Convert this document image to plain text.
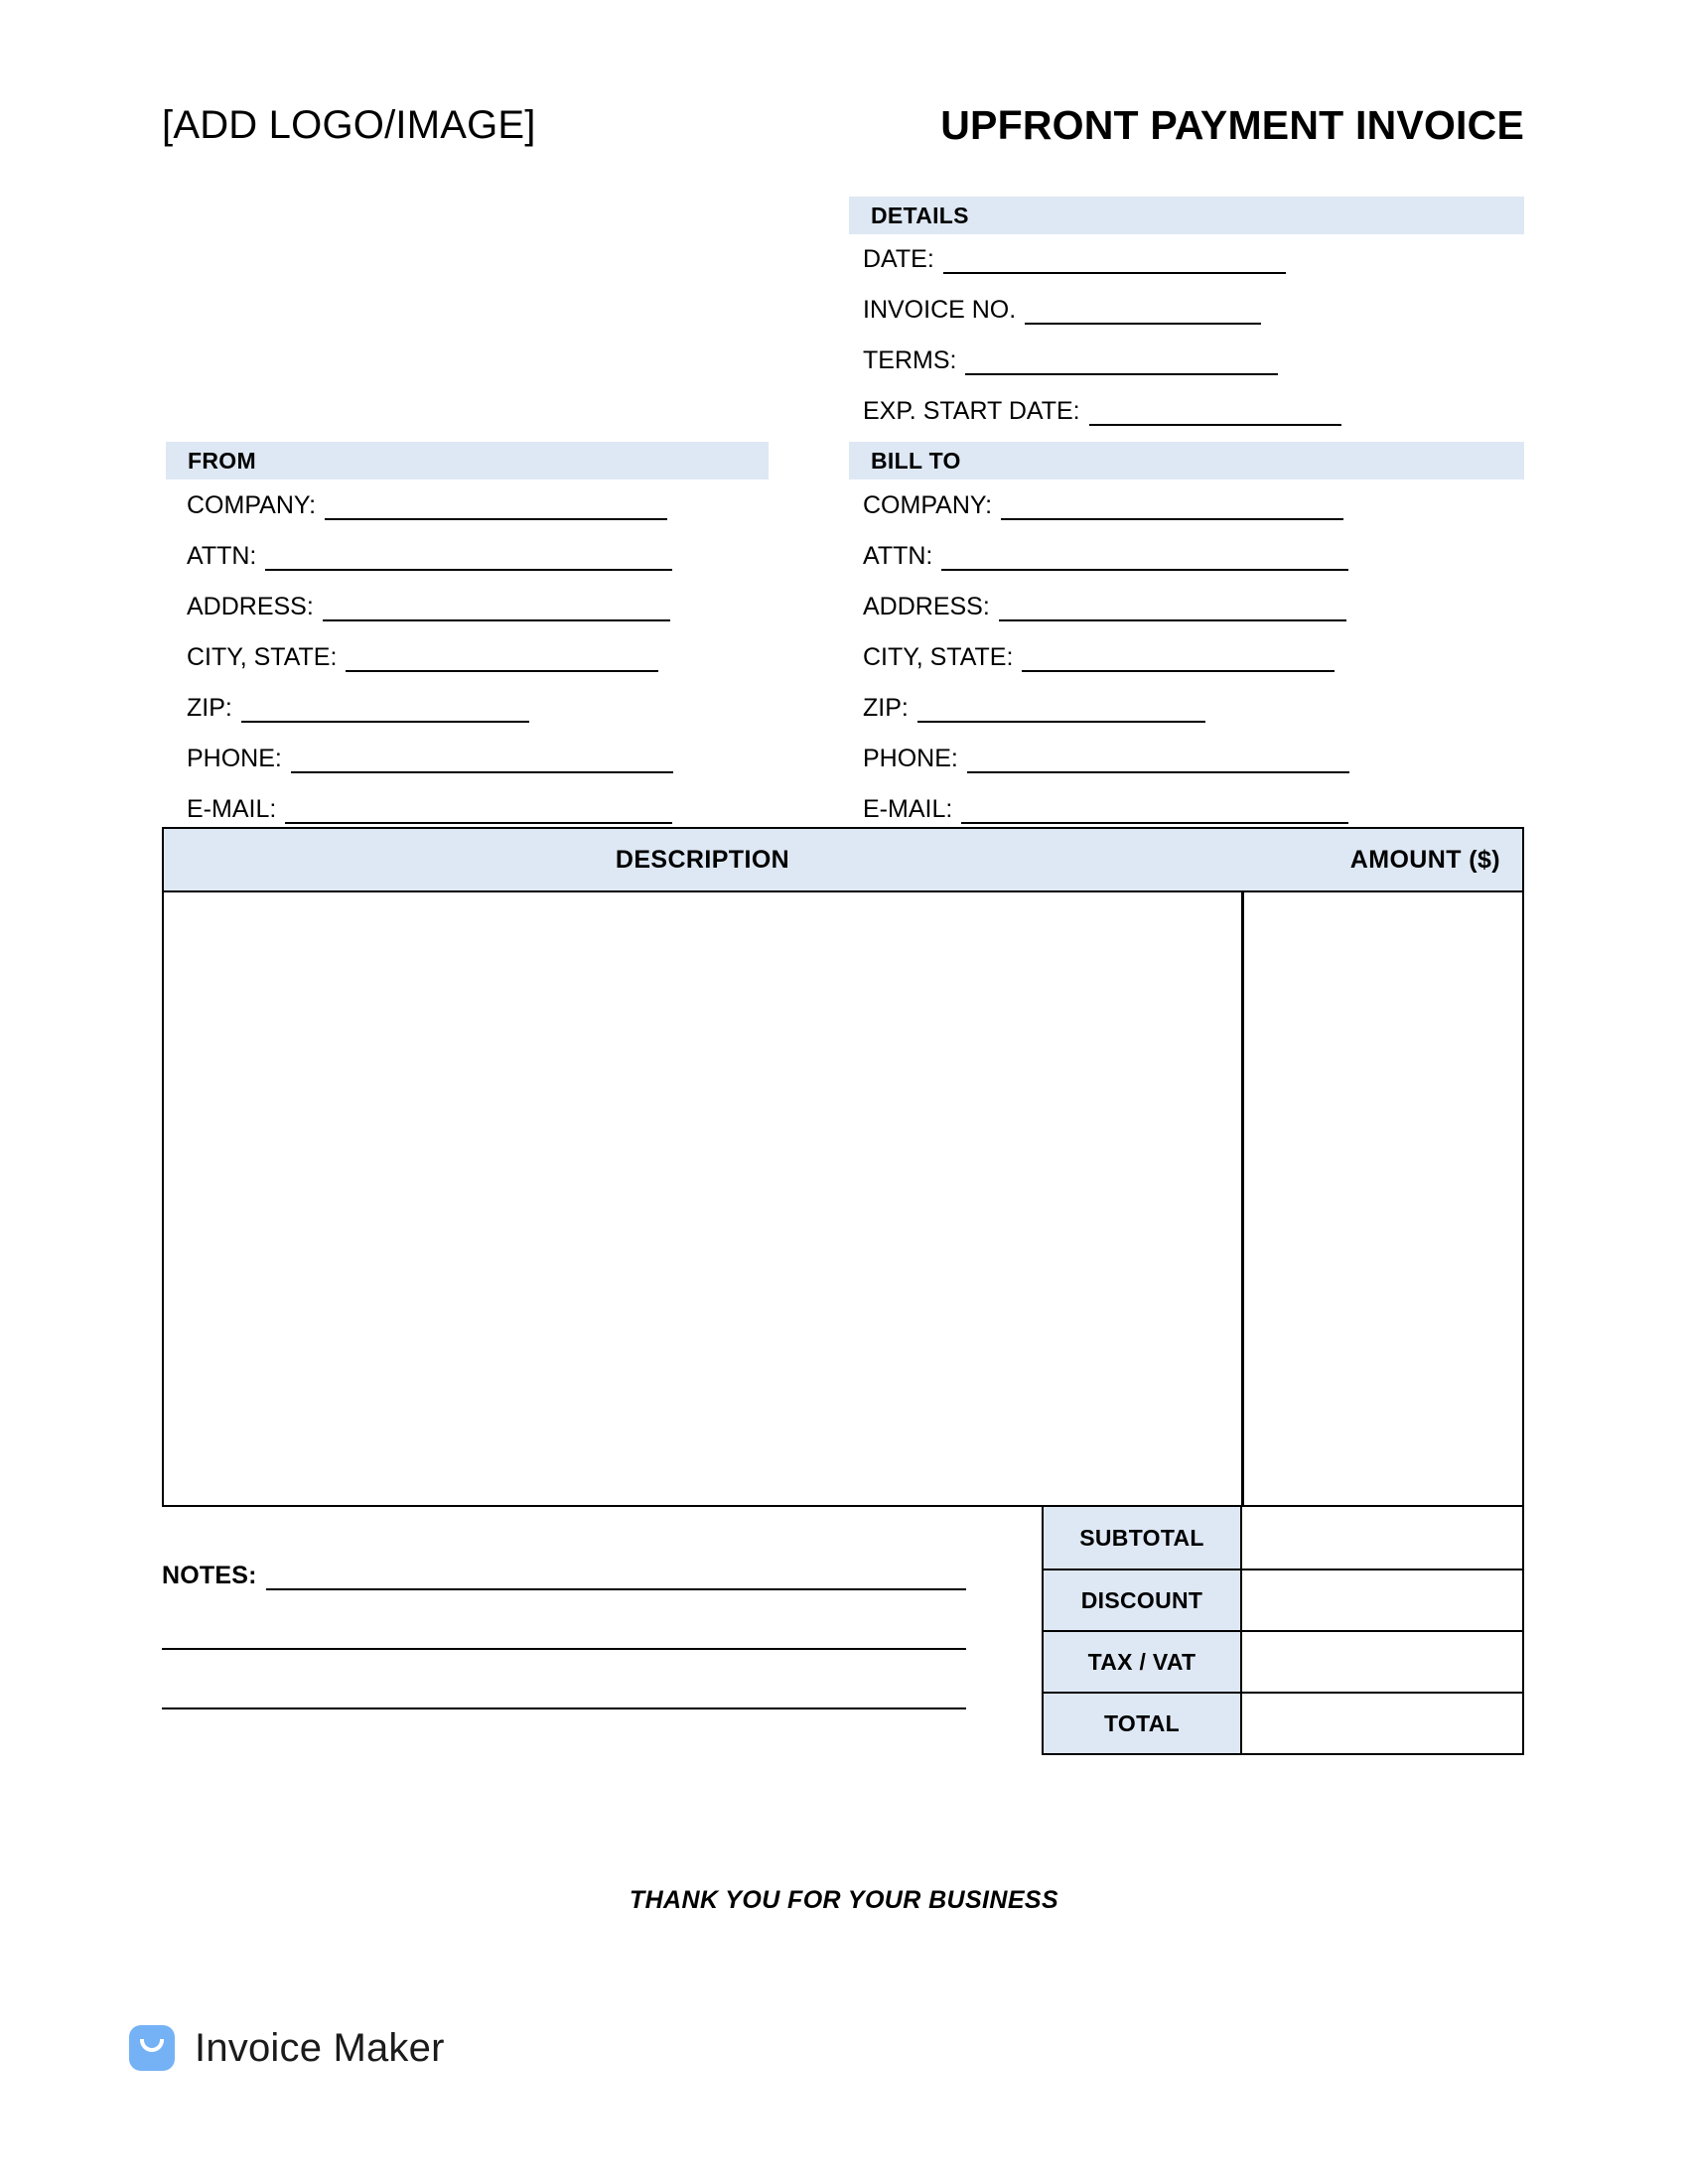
[ADD LOGO/IMAGE]	UPFRONT PAYMENT INVOICE
DETAILS
DATE:
INVOICE NO.
TERMS:
EXP. START DATE:
FROM
COMPANY:
ATTN:
ADDRESS:
CITY, STATE:
ZIP:
PHONE:
E-MAIL:
BILL TO
COMPANY:
ATTN:
ADDRESS:
CITY, STATE:
ZIP:
PHONE:
E-MAIL:
DESCRIPTION	AMOUNT ($)
SUBTOTAL
DISCOUNT
TAX / VAT
TOTAL
NOTES:
THANK YOU FOR YOUR BUSINESS
Invoice Maker
